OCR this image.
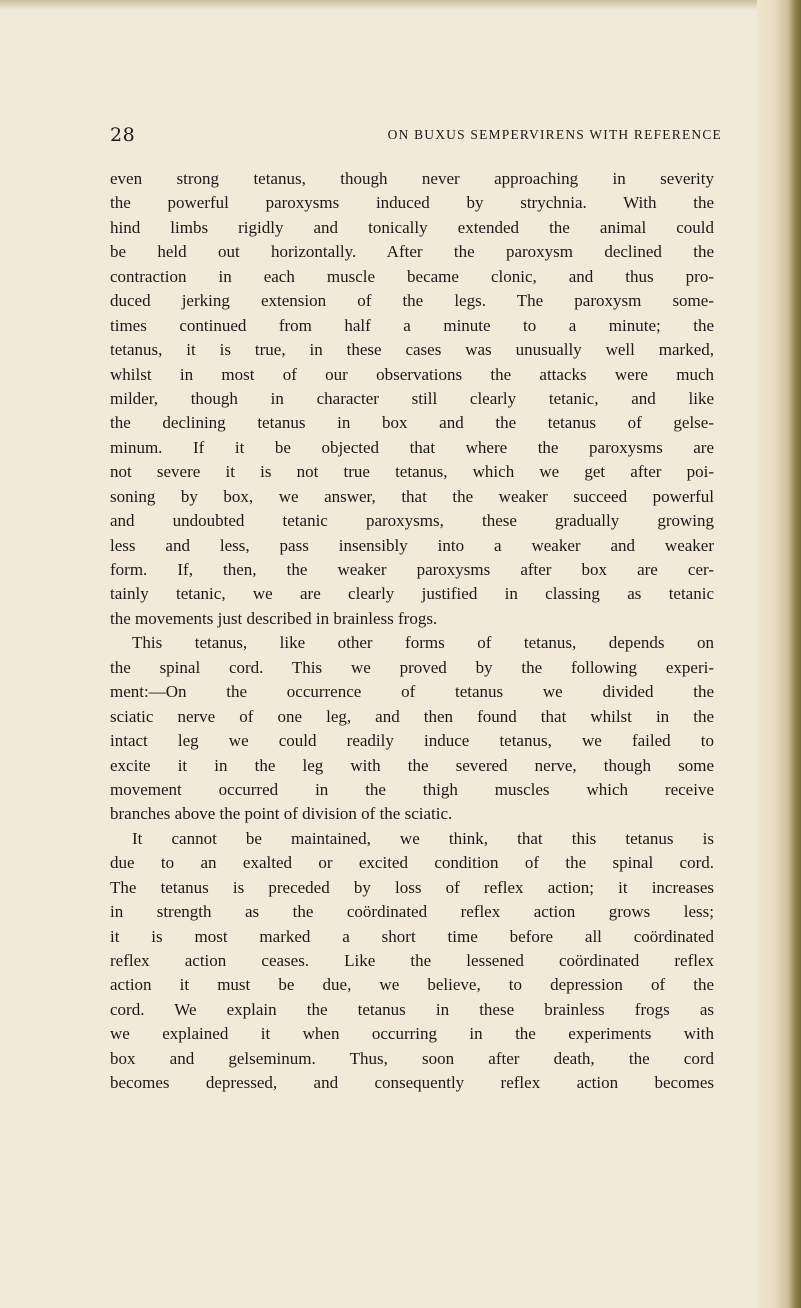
28	ON BUXUS SEMPERVIRENS WITH REFERENCE
even strong tetanus, though never approaching in severity
the powerful paroxysms induced by strychnia. With the
hind limbs rigidly and tonically extended the animal could
be held out horizontally. After the paroxysm declined the
contraction in each muscle became clonic, and thus pro-
duced jerking extension of the legs. The paroxysm some-
times continued from half a minute to a minute; the
tetanus, it is true, in these cases was unusually well marked,
whilst in most of our observations the attacks were much
milder, though in character still clearly tetanic, and like
the declining tetanus in box and the tetanus of gelse-
minum. If it be objected that where the paroxysms are
not severe it is not true tetanus, which we get after poi-
soning by box, we answer, that the weaker succeed powerful
and undoubted tetanic paroxysms, these gradually growing
less and less, pass insensibly into a weaker and weaker
form. If, then, the weaker paroxysms after box are cer-
tainly tetanic, we are clearly justified in classing as tetanic
the movements just described in brainless frogs.
This tetanus, like other forms of tetanus, depends on
the spinal cord. This we proved by the following experi-
ment:—On the occurrence of tetanus we divided the
sciatic nerve of one leg, and then found that whilst in the
intact leg we could readily induce tetanus, we failed to
excite it in the leg with the severed nerve, though some
movement occurred in the thigh muscles which receive
branches above the point of division of the sciatic.
It cannot be maintained, we think, that this tetanus is
due to an exalted or excited condition of the spinal cord.
The tetanus is preceded by loss of reflex action; it increases
in strength as the coördinated reflex action grows less;
it is most marked a short time before all coördinated
reflex action ceases. Like the lessened coördinated reflex
action it must be due, we believe, to depression of the
cord. We explain the tetanus in these brainless frogs as
we explained it when occurring in the experiments with
box and gelseminum. Thus, soon after death, the cord
becomes depressed, and consequently reflex action becomes
